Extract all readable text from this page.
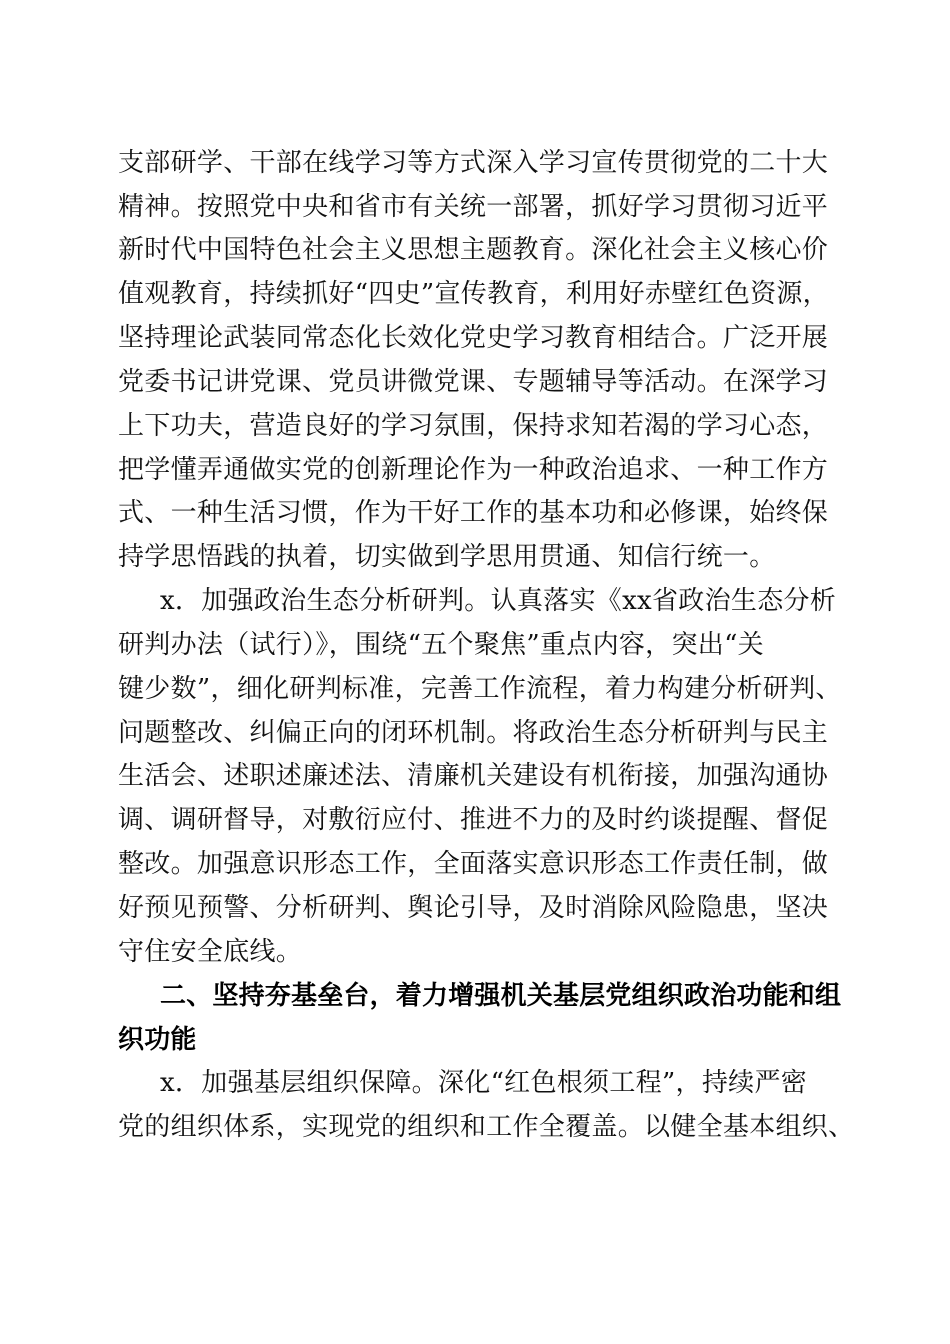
支部研学、干部在线学习等方式深入学习宣传贯彻党的二十大
精神。按照党中央和省市有关统一部署，抓好学习贯彻习近平
新时代中国特色社会主义思想主题教育。深化社会主义核心价
值观教育，持续抓好“四史”宣传教育，利用好赤壁红色资源，
坚持理论武装同常态化长效化党史学习教育相结合。广泛开展
党委书记讲党课、党员讲微党课、专题辅导等活动。在深学习
上下功夫，营造良好的学习氛围，保持求知若渴的学习心态，
把学懂弄通做实党的创新理论作为一种政治追求、一种工作方
式、一种生活习惯，作为干好工作的基本功和必修课，始终保
持学思悟践的执着，切实做到学思用贯通、知信行统一。
x．加强政治生态分析研判。认真落实《xx省政治生态分析
研判办法（试行）》，围绕“五个聚焦”重点内容，突出“关
键少数”，细化研判标准，完善工作流程，着力构建分析研判、
问题整改、纠偏正向的闭环机制。将政治生态分析研判与民主
生活会、述职述廉述法、清廉机关建设有机衔接，加强沟通协
调、调研督导，对敷衍应付、推进不力的及时约谈提醒、督促
整改。加强意识形态工作，全面落实意识形态工作责任制，做
好预见预警、分析研判、舆论引导，及时消除风险隐患，坚决
守住安全底线。
二、坚持夯基垒台，着力增强机关基层党组织政治功能和组
织功能
x．加强基层组织保障。深化“红色根须工程”，持续严密
党的组织体系，实现党的组织和工作全覆盖。以健全基本组织、
